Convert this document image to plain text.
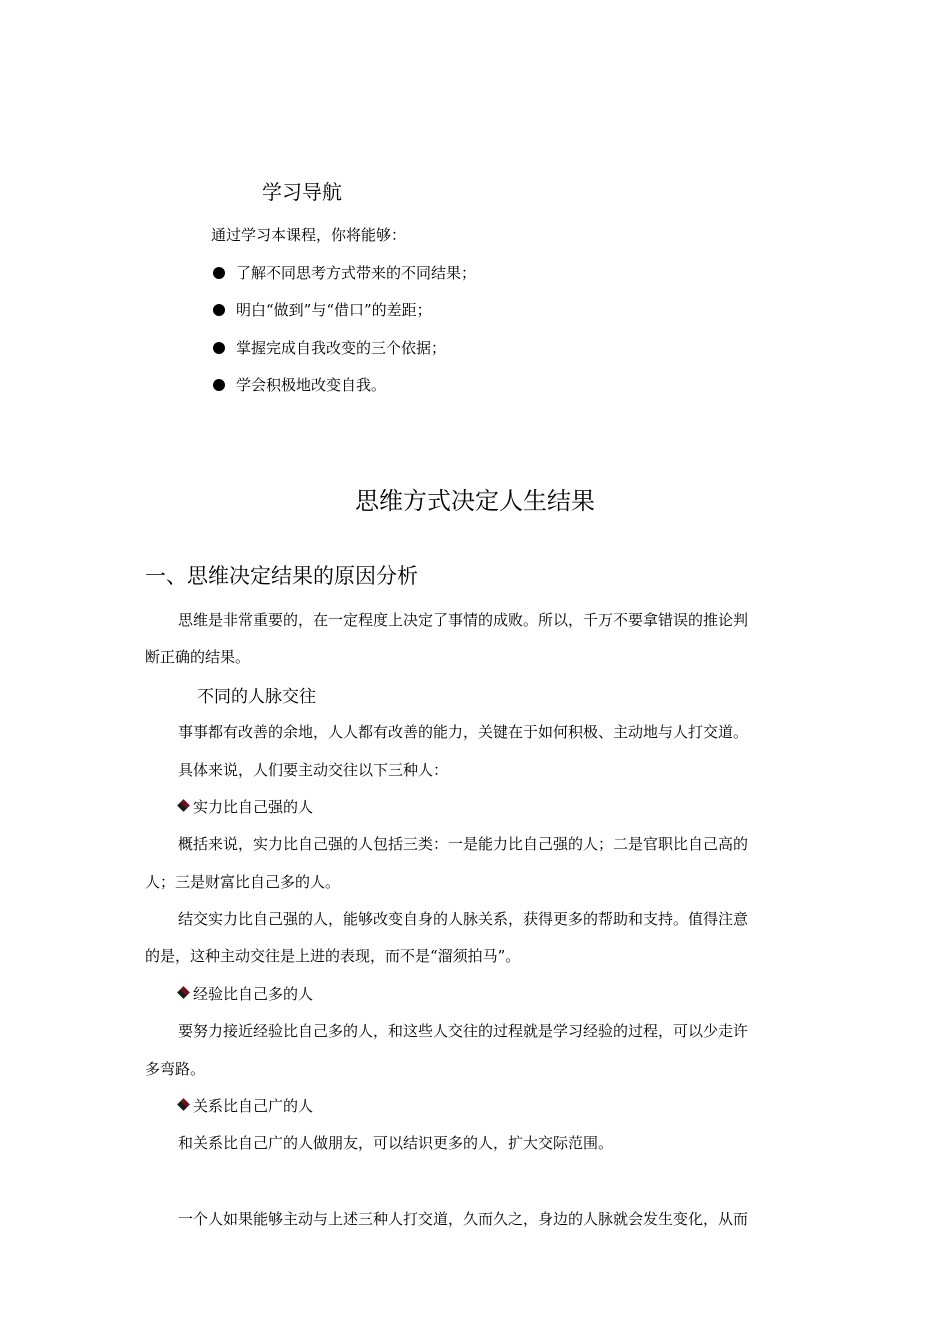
学习导航
通过学习本课程，你将能够：
了解不同思考方式带来的不同结果；
明白“做到”与“借口”的差距；
掌握完成自我改变的三个依据；
学会积极地改变自我。
思维方式决定人生结果
一、思维决定结果的原因分析
思维是非常重要的，在一定程度上决定了事情的成败。所以，千万不要拿错误的推论判
断正确的结果。
不同的人脉交往
事事都有改善的余地，人人都有改善的能力，关键在于如何积极、主动地与人打交道。
具体来说，人们要主动交往以下三种人：
实力比自己强的人
概括来说，实力比自己强的人包括三类：一是能力比自己强的人；二是官职比自己高的
人；三是财富比自己多的人。
结交实力比自己强的人，能够改变自身的人脉关系，获得更多的帮助和支持。值得注意
的是，这种主动交往是上进的表现，而不是“溜须拍马”。
经验比自己多的人
要努力接近经验比自己多的人，和这些人交往的过程就是学习经验的过程，可以少走许
多弯路。
关系比自己广的人
和关系比自己广的人做朋友，可以结识更多的人，扩大交际范围。
一个人如果能够主动与上述三种人打交道，久而久之，身边的人脉就会发生变化，从而
